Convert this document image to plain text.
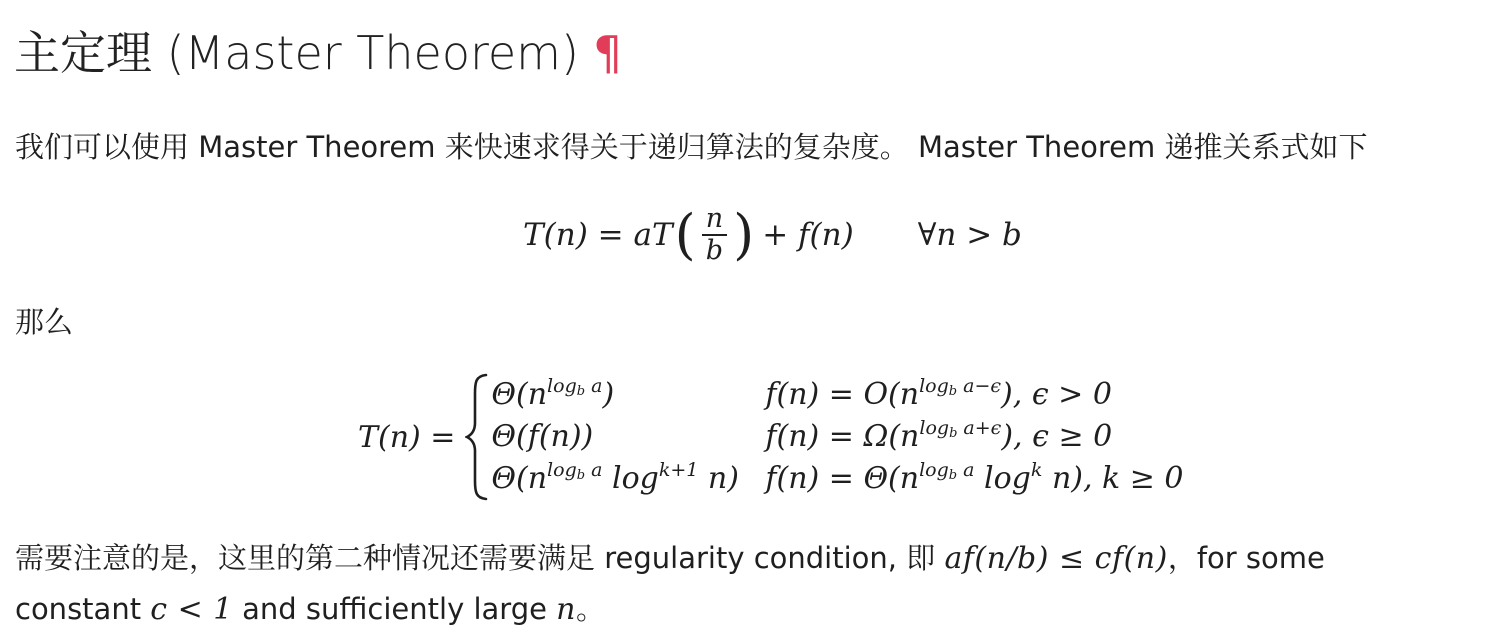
主定理 (Master Theorem) ¶

我们可以使用 Master Theorem 来快速求得关于递归算法的复杂度。 Master Theorem 递推关系式如下

T(n) = aT ( $\frac{n}{b}$ ) + f(n) ∀n > b

那么

T(n) =
$\Theta(n^{log_b a})$	$f(n) = O(n^{log_b a-\epsilon})$, ϵ > 0
Θ(f(n))	$f(n) = \Omega(n^{log_b a+\epsilon})$, ϵ ≥ 0
$\Theta(n^{log_b a}$ $\log^{k+1} n$) $f(n) = \Theta(n^{log_b a}$ $\log^k n$), k ≥ 0

需要注意的是，这里的第二种情况还需要满足 regularity condition, 即 af(n/b) ≤ cf(n)，for some

constant c < 1 and sufficiently large n。
